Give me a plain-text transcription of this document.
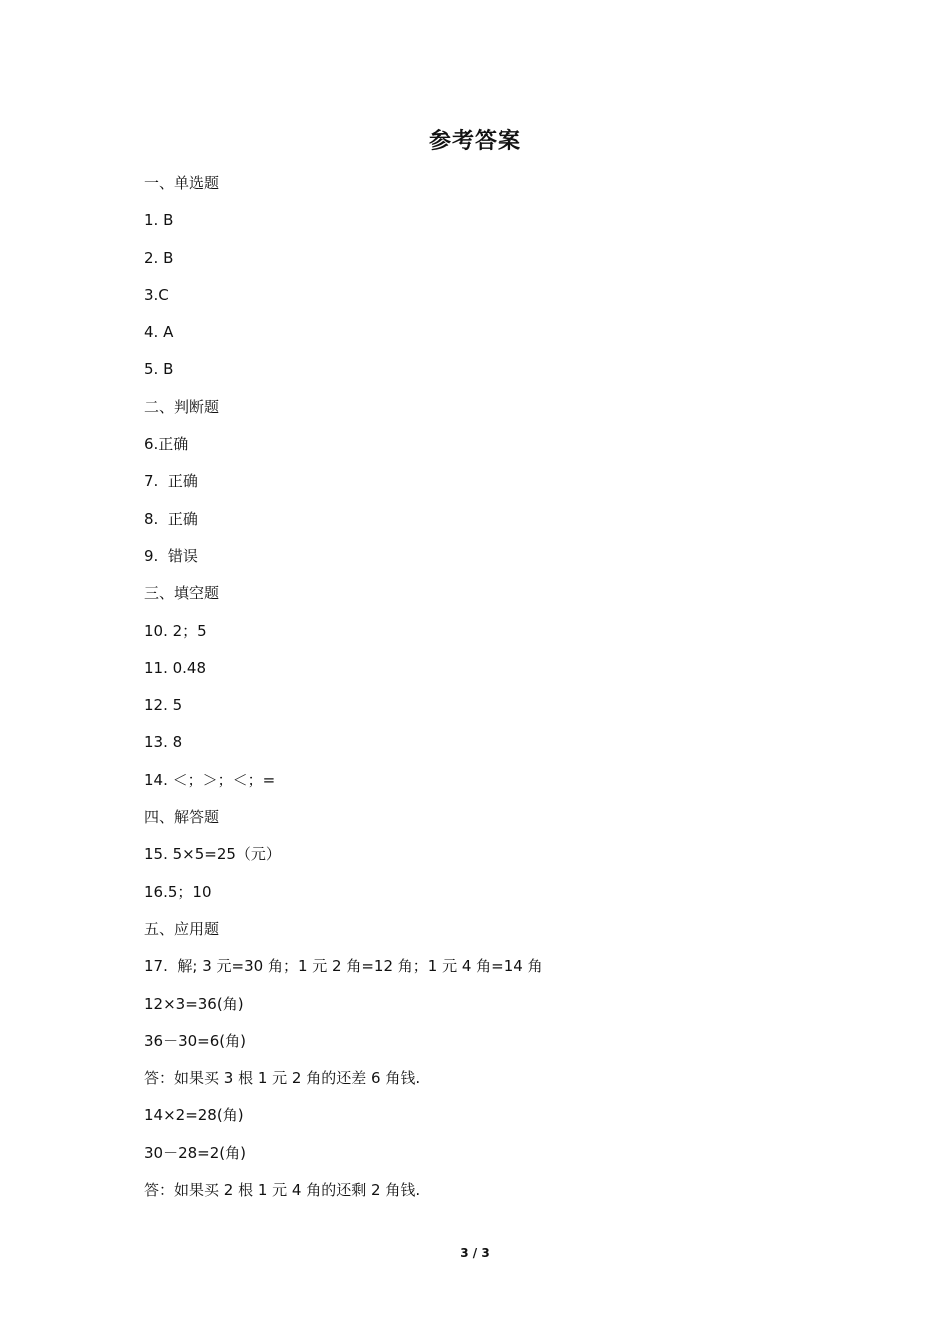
参考答案
一、单选题
1. B
2. B
3.C
4. A
5. B
二、判断题
6.正确
7.  正确
8.  正确
9.  错误
三、填空题
10. 2；5
11. 0.48
12. 5
13. 8
14. ＜；＞；＜；=
四、解答题
15. 5×5=25（元）
16.5；10
五、应用题
17.  解; 3 元=30 角；1 元 2 角=12 角；1 元 4 角=14 角
12×3=36(角)
36－30=6(角)
答：如果买 3 根 1 元 2 角的还差 6 角钱.
14×2=28(角)
30－28=2(角)
答：如果买 2 根 1 元 4 角的还剩 2 角钱.
3 / 3
